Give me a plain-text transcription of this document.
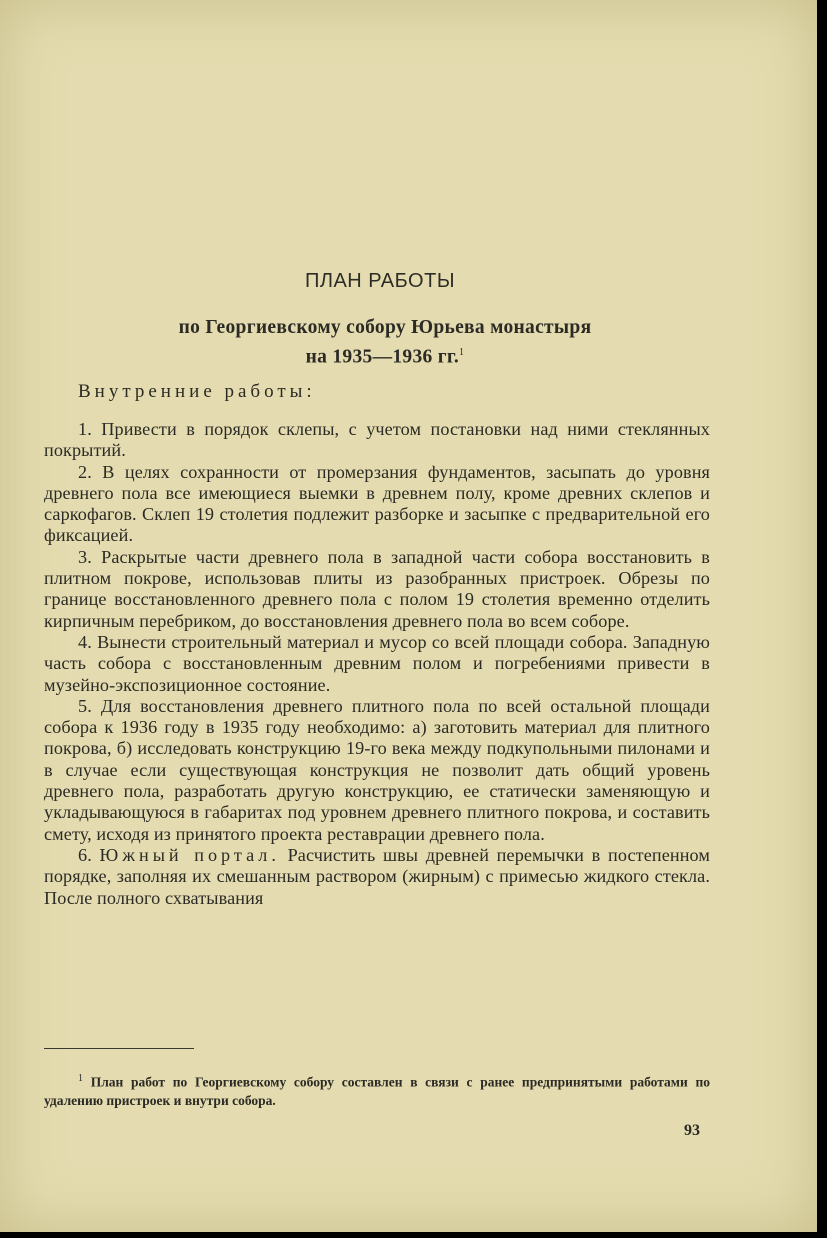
ПЛАН РАБОТЫ
по Георгиевскому собору Юрьева монастыря
на 1935—1936 гг.$^1$
Внутренние работы:

1. Привести в порядок склепы, с учетом постановки над ними стеклянных покрытий.

2. В целях сохранности от промерзания фундаментов, засыпать до уровня древнего пола все имеющиеся выемки в древнем полу, кроме древних склепов и саркофагов. Склеп 19 столетия подлежит разборке и засыпке с предварительной его фиксацией.

3. Раскрытые части древнего пола в западной части собора восстановить в плитном покрове, использовав плиты из разобранных пристроек. Обрезы по границе восстановленного древнего пола с полом 19 столетия временно отделить кирпичным перебриком, до восстановления древнего пола во всем соборе.

4. Вынести строительный материал и мусор со всей площади собора. Западную часть собора с восстановленным древним полом и погребениями привести в музейно-экспозиционное состояние.

5. Для восстановления древнего плитного пола по всей остальной площади собора к 1936 году в 1935 году необходимо: а) заготовить материал для плитного покрова, б) исследовать конструкцию 19-го века между подкупольными пилонами и в случае если существующая конструкция не позволит дать общий уровень древнего пола, разработать другую конструкцию, ее статически заменяющую и укладывающуюся в габаритах под уровнем древнего плитного покрова, и составить смету, исходя из принятого проекта реставрации древнего пола.

6. Южный портал. Расчистить швы древней перемычки в постепенном порядке, заполняя их смешанным раствором (жирным) с примесью жидкого стекла. После полного схватывания

$^1$ План работ по Георгиевскому собору составлен в связи с ранее предпринятыми работами по удалению пристроек и внутри собора.
93
